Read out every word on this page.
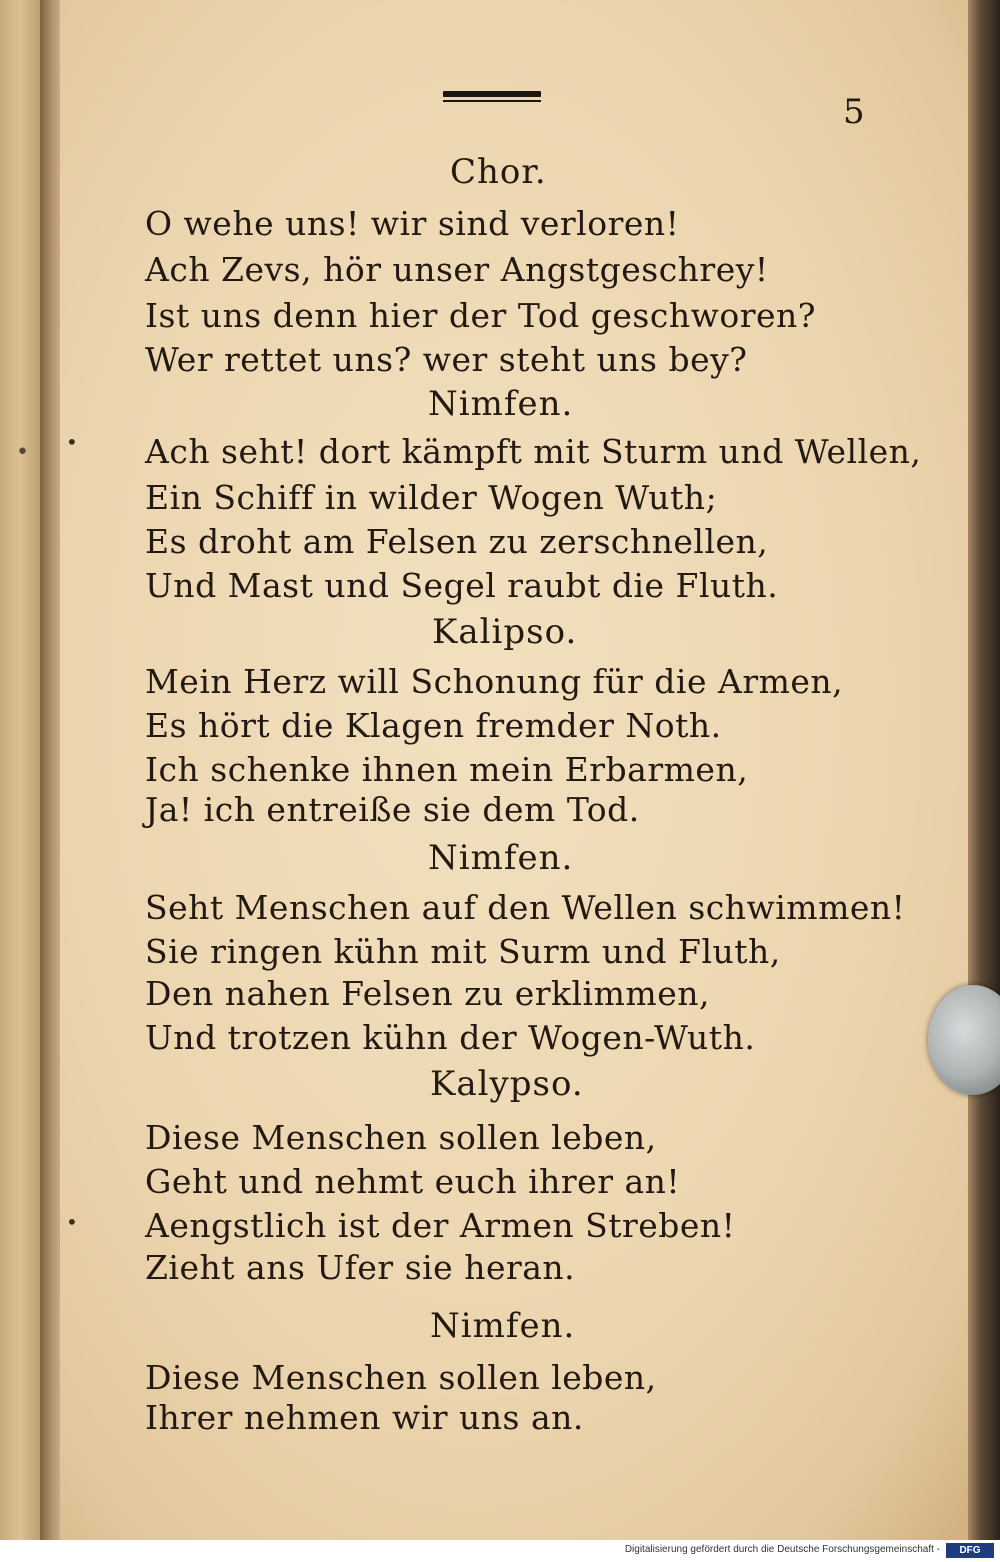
•
5
Chor.
O wehe uns! wir sind verloren!
Ach Zevs, hör unser Angstgeschrey!
Ist uns denn hier der Tod geschworen?
Wer rettet uns? wer steht uns bey?
Nimfen.
Ach seht! dort kämpft mit Sturm und Wellen,
Ein Schiff in wilder Wogen Wuth;
Es droht am Felsen zu zerschnellen,
Und Mast und Segel raubt die Fluth.
Kalipso.
Mein Herz will Schonung für die Armen,
Es hört die Klagen fremder Noth.
Ich schenke ihnen mein Erbarmen,
Ja! ich entreiße sie dem Tod.
Nimfen.
Seht Menschen auf den Wellen schwimmen!
Sie ringen kühn mit Surm und Fluth,
Den nahen Felsen zu erklimmen,
Und trotzen kühn der Wogen-Wuth.
Kalypso.
Diese Menschen sollen leben,
Geht und nehmt euch ihrer an!
Aengstlich ist der Armen Streben!
Zieht ans Ufer sie heran.
Nimfen.
Diese Menschen sollen leben,
Ihrer nehmen wir uns an.
•
•
Digitalisierung gefördert durch die Deutsche Forschungsgemeinschaft -	DFG
